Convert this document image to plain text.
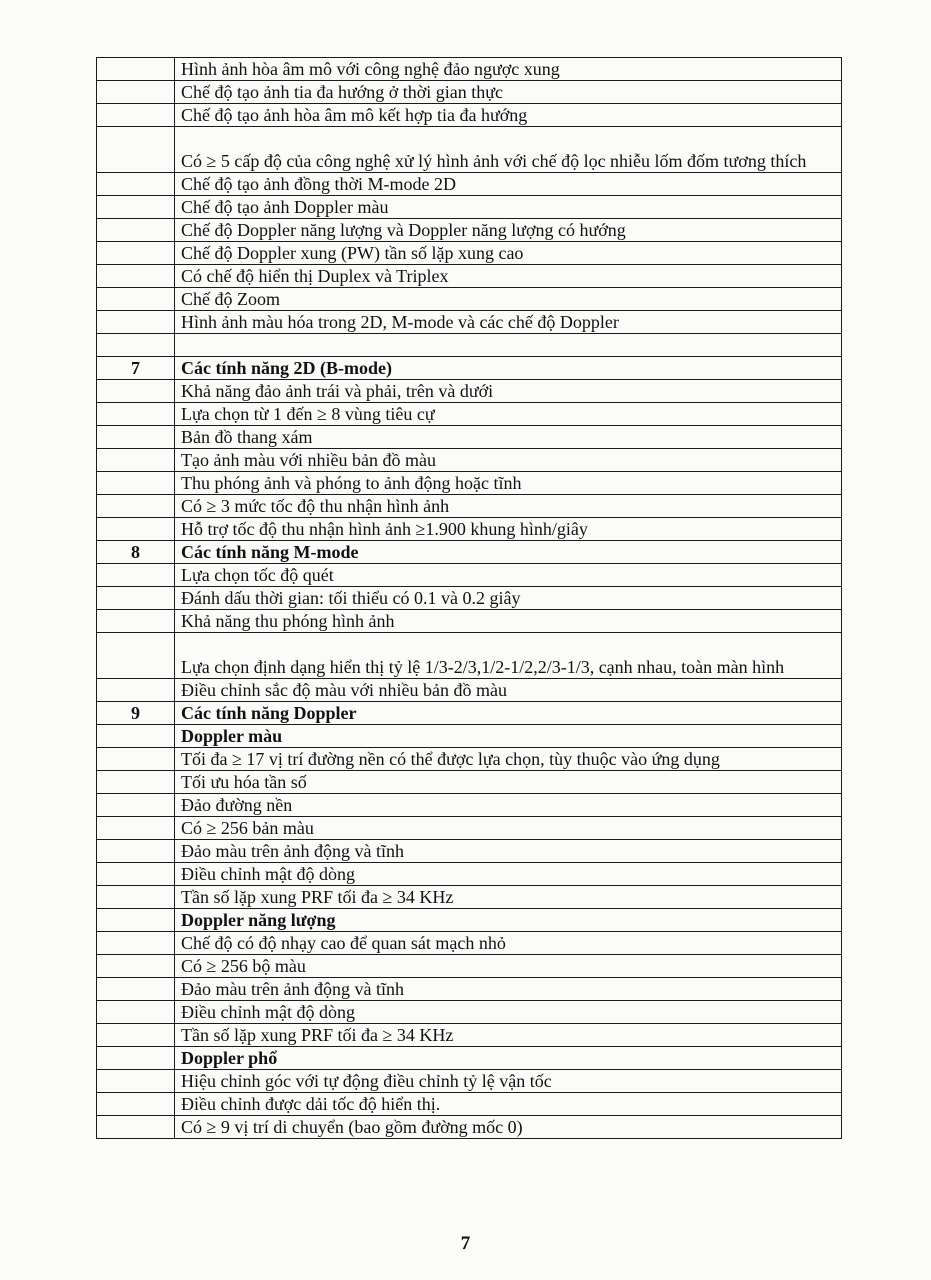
	Hình ảnh hòa âm mô với công nghệ đảo ngược xung
	Chế độ tạo ảnh tia đa hướng ở thời gian thực
	Chế độ tạo ảnh hòa âm mô kết hợp tia đa hướng
	Có ≥ 5 cấp độ của công nghệ xử lý hình ảnh với chế độ lọc nhiễu lốm đốm tương thích
	Chế độ tạo ảnh đồng thời M-mode 2D
	Chế độ tạo ảnh Doppler màu
	Chế độ Doppler năng lượng và Doppler năng lượng có hướng
	Chế độ Doppler xung (PW) tần số lặp xung cao
	Có chế độ hiển thị Duplex và Triplex
	Chế độ Zoom
	Hình ảnh màu hóa trong 2D, M-mode và các chế độ Doppler

7	Các tính năng 2D (B-mode)
	Khả năng đảo ảnh trái và phải, trên và dưới
	Lựa chọn từ 1 đến ≥ 8 vùng tiêu cự
	Bản đồ thang xám
	Tạo ảnh màu với nhiều bản đồ màu
	Thu phóng ảnh và phóng to ảnh động hoặc tĩnh
	Có ≥ 3 mức tốc độ thu nhận hình ảnh
	Hỗ trợ tốc độ thu nhận hình ảnh ≥1.900 khung hình/giây
8	Các tính năng M-mode
	Lựa chọn tốc độ quét
	Đánh dấu thời gian: tối thiểu có 0.1 và 0.2 giây
	Khả năng thu phóng hình ảnh
	Lựa chọn định dạng hiển thị tỷ lệ 1/3-2/3,1/2-1/2,2/3-1/3, cạnh nhau, toàn màn hình
	Điều chỉnh sắc độ màu với nhiều bản đồ màu
9	Các tính năng Doppler
	Doppler màu
	Tối đa ≥ 17 vị trí đường nền có thể được lựa chọn, tùy thuộc vào ứng dụng
	Tối ưu hóa tần số
	Đảo đường nền
	Có ≥ 256 bản màu
	Đảo màu trên ảnh động và tĩnh
	Điều chỉnh mật độ dòng
	Tần số lặp xung PRF tối đa ≥ 34 KHz
	Doppler năng lượng
	Chế độ có độ nhạy cao để quan sát mạch nhỏ
	Có ≥ 256 bộ màu
	Đảo màu trên ảnh động và tĩnh
	Điều chỉnh mật độ dòng
	Tần số lặp xung PRF tối đa ≥ 34 KHz
	Doppler phổ
	Hiệu chỉnh góc với tự động điều chỉnh tỷ lệ vận tốc
	Điều chỉnh được dải tốc độ hiển thị.
	Có ≥ 9 vị trí di chuyển (bao gồm đường mốc 0)
7
